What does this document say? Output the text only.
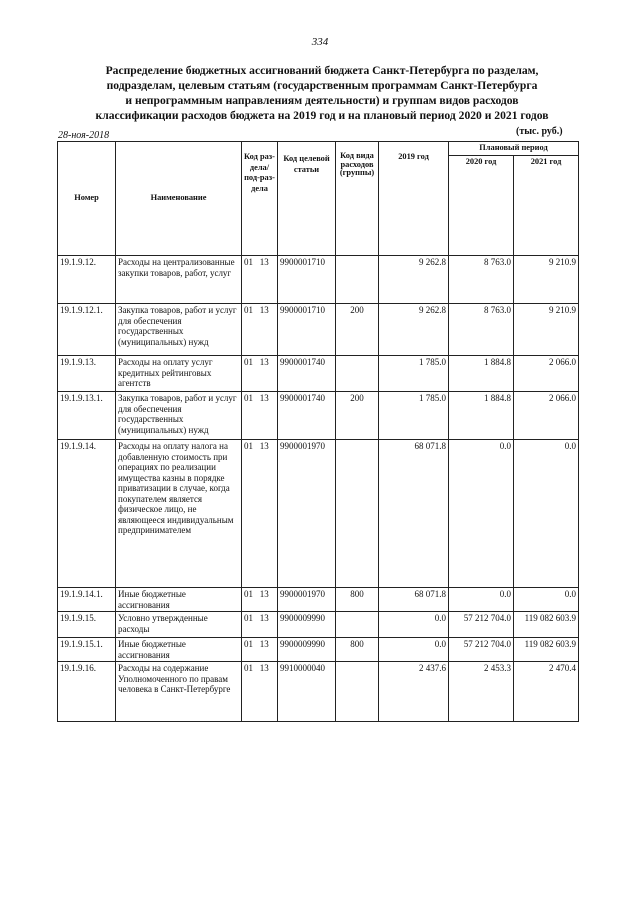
334
Распределение бюджетных ассигнований бюджета Санкт-Петербурга по разделам,
подразделам, целевым статьям (государственным программам Санкт-Петербурга
и непрограммным направлениям деятельности) и группам видов расходов
классификации расходов бюджета на 2019 год и на плановый период 2020 и 2021 годов
28-ноя-2018	(тыс. руб.)
Номер	Наименование	Код раз-дела/ под-раз-дела	Код целевой статьи	Код вида расходов (группы)	2019 год	Плановый период	
						2020 год	2021 год
19.1.9.12.	Расходы на централизованные закупки товаров, работ, услуг	01 13	9900001710		9 262.8	8 763.0	9 210.9
19.1.9.12.1.	Закупка товаров, работ и услуг для обеспечения государственных (муниципальных) нужд	01 13	9900001710	200	9 262.8	8 763.0	9 210.9
19.1.9.13.	Расходы на оплату услуг кредитных рейтинговых агентств	01 13	9900001740		1 785.0	1 884.8	2 066.0
19.1.9.13.1.	Закупка товаров, работ и услуг для обеспечения государственных (муниципальных) нужд	01 13	9900001740	200	1 785.0	1 884.8	2 066.0
19.1.9.14.	Расходы на оплату налога на добавленную стоимость при операциях по реализации имущества казны в порядке приватизации в случае, когда покупателем является физическое лицо, не являющееся индивидуальным предпринимателем	01 13	9900001970		68 071.8	0.0	0.0
19.1.9.14.1.	Иные бюджетные ассигнования	01 13	9900001970	800	68 071.8	0.0	0.0
19.1.9.15.	Условно утвержденные расходы	01 13	9900009990		0.0	57 212 704.0	119 082 603.9
19.1.9.15.1.	Иные бюджетные ассигнования	01 13	9900009990	800	0.0	57 212 704.0	119 082 603.9
19.1.9.16.	Расходы на содержание Уполномоченного по правам человека в Санкт-Петербурге	01 13	9910000040		2 437.6	2 453.3	2 470.4
